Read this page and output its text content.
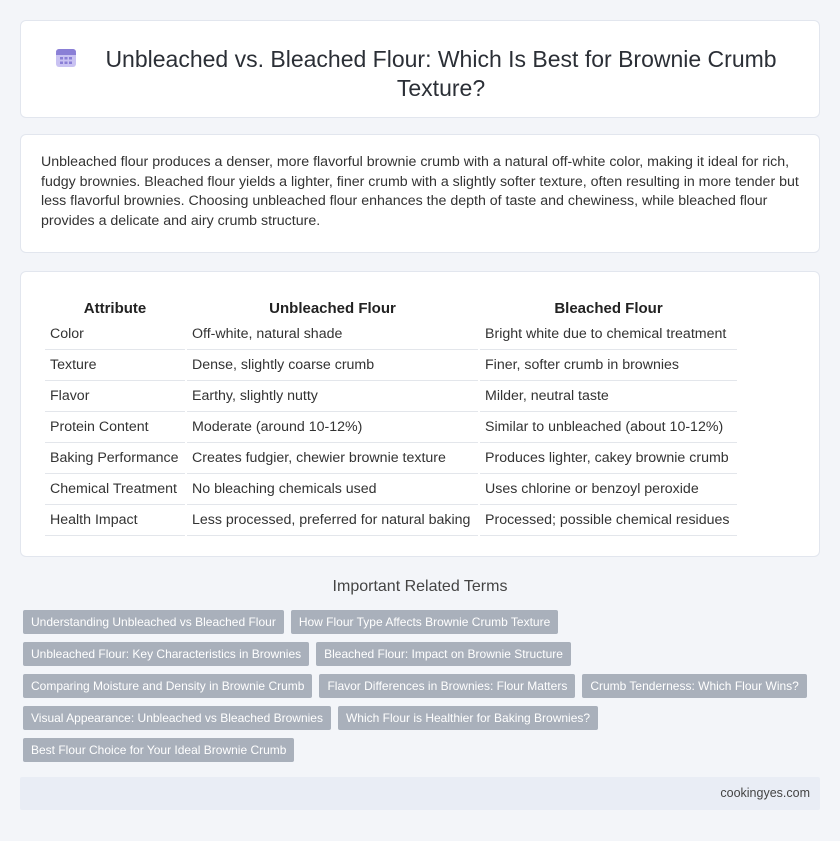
Unbleached vs. Bleached Flour: Which Is Best for Brownie Crumb Texture?

Unbleached flour produces a denser, more flavorful brownie crumb with a natural off-white color, making it ideal for rich, fudgy brownies. Bleached flour yields a lighter, finer crumb with a slightly softer texture, often resulting in more tender but less flavorful brownies. Choosing unbleached flour enhances the depth of taste and chewiness, while bleached flour provides a delicate and airy crumb structure.

Attribute	Unbleached Flour	Bleached Flour
Color	Off-white, natural shade	Bright white due to chemical treatment
Texture	Dense, slightly coarse crumb	Finer, softer crumb in brownies
Flavor	Earthy, slightly nutty	Milder, neutral taste
Protein Content	Moderate (around 10-12%)	Similar to unbleached (about 10-12%)
Baking Performance	Creates fudgier, chewier brownie texture	Produces lighter, cakey brownie crumb
Chemical Treatment	No bleaching chemicals used	Uses chlorine or benzoyl peroxide
Health Impact	Less processed, preferred for natural baking	Processed; possible chemical residues
Important Related Terms
Understanding Unbleached vs Bleached Flour	How Flour Type Affects Brownie Crumb Texture
Unbleached Flour: Key Characteristics in Brownies	Bleached Flour: Impact on Brownie Structure
Comparing Moisture and Density in Brownie Crumb	Flavor Differences in Brownies: Flour Matters	Crumb Tenderness: Which Flour Wins?
Visual Appearance: Unbleached vs Bleached Brownies	Which Flour is Healthier for Baking Brownies?
Best Flour Choice for Your Ideal Brownie Crumb
cookingyes.com
